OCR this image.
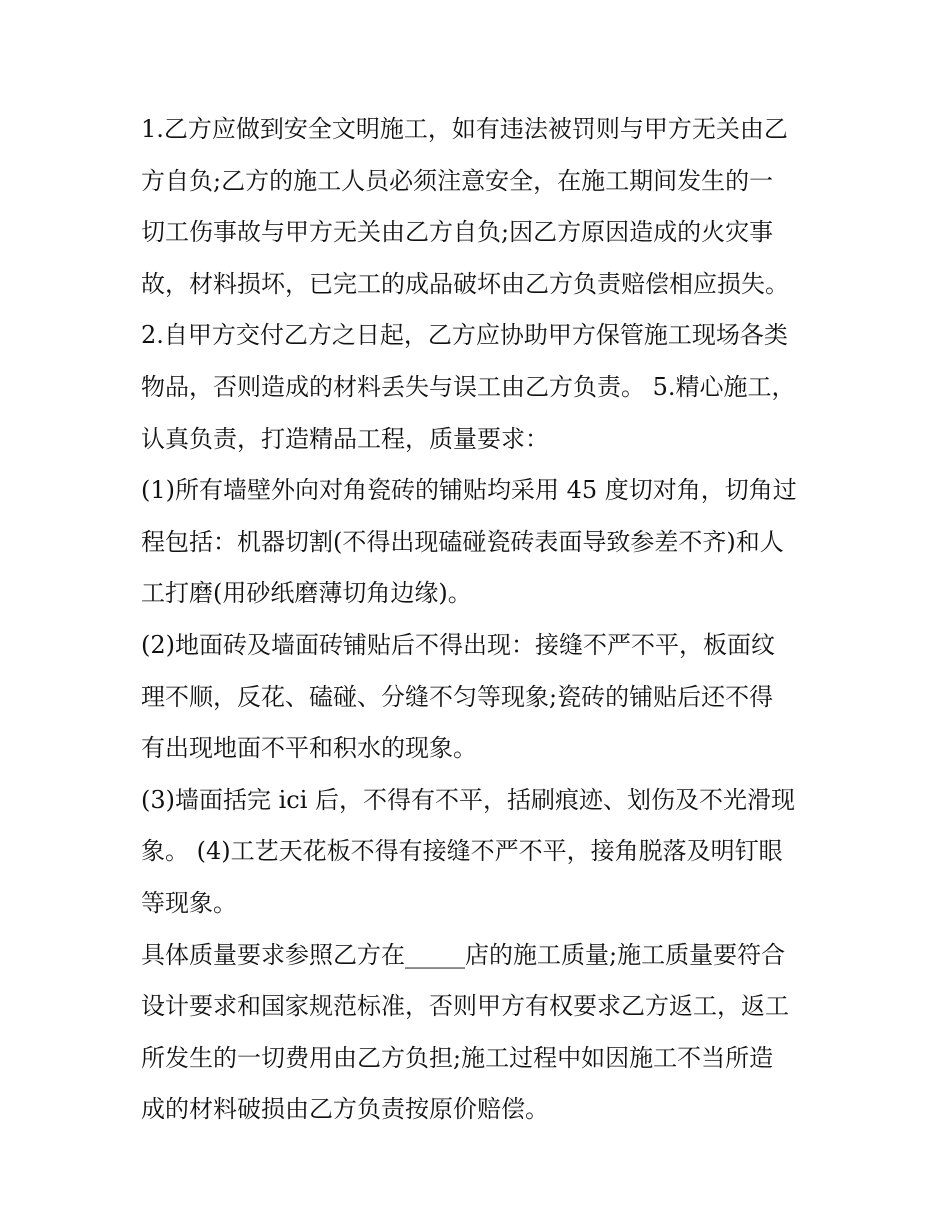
1.乙方应做到安全文明施工，如有违法被罚则与甲方无关由乙
方自负;乙方的施工人员必须注意安全，在施工期间发生的一
切工伤事故与甲方无关由乙方自负;因乙方原因造成的火灾事
故，材料损坏，已完工的成品破坏由乙方负责赔偿相应损失。
2.自甲方交付乙方之日起，乙方应协助甲方保管施工现场各类
物品，否则造成的材料丢失与误工由乙方负责。 5.精心施工，
认真负责，打造精品工程，质量要求：
(1)所有墙壁外向对角瓷砖的铺贴均采用 45 度切对角，切角过
程包括：机器切割(不得出现磕碰瓷砖表面导致参差不齐)和人
工打磨(用砂纸磨薄切角边缘)。
(2)地面砖及墙面砖铺贴后不得出现：接缝不严不平，板面纹
理不顺，反花、磕碰、分缝不匀等现象;瓷砖的铺贴后还不得
有出现地面不平和积水的现象。
(3)墙面括完 ici 后，不得有不平，括刷痕迹、划伤及不光滑现
象。 (4)工艺天花板不得有接缝不严不平，接角脱落及明钉眼
等现象。
具体质量要求参照乙方在_____店的施工质量;施工质量要符合
设计要求和国家规范标准，否则甲方有权要求乙方返工，返工
所发生的一切费用由乙方负担;施工过程中如因施工不当所造
成的材料破损由乙方负责按原价赔偿。
